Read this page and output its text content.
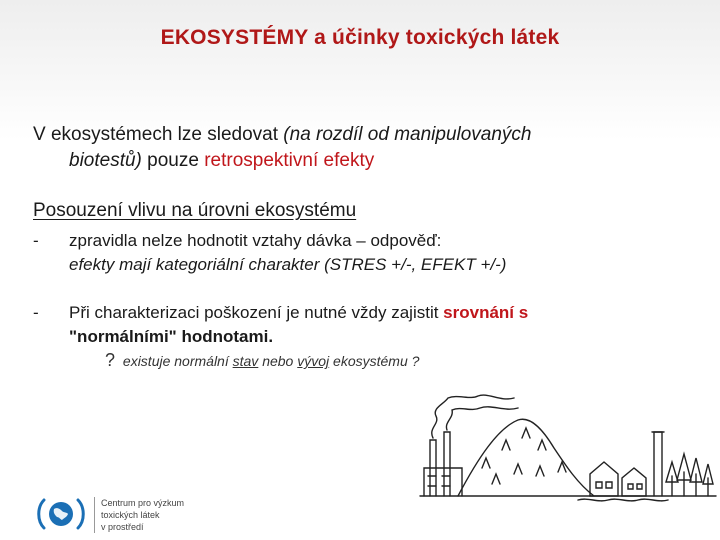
EKOSYSTÉMY a účinky toxických látek
V ekosystémech lze sledovat (na rozdíl od manipulovaných
biotestů) pouze retrospektivní efekty
Posouzení vlivu na úrovni ekosystému
- zpravidla nelze hodnotit vztahy dávka – odpověď:
efekty mají kategoriální charakter (STRES +/-, EFEKT +/-)
- Při charakterizaci poškození je nutné vždy zajistit srovnání s
"normálními" hodnotami.
? existuje normální stav nebo vývoj ekosystému ?
Centrum pro výzkum
toxických látek
v prostředí
